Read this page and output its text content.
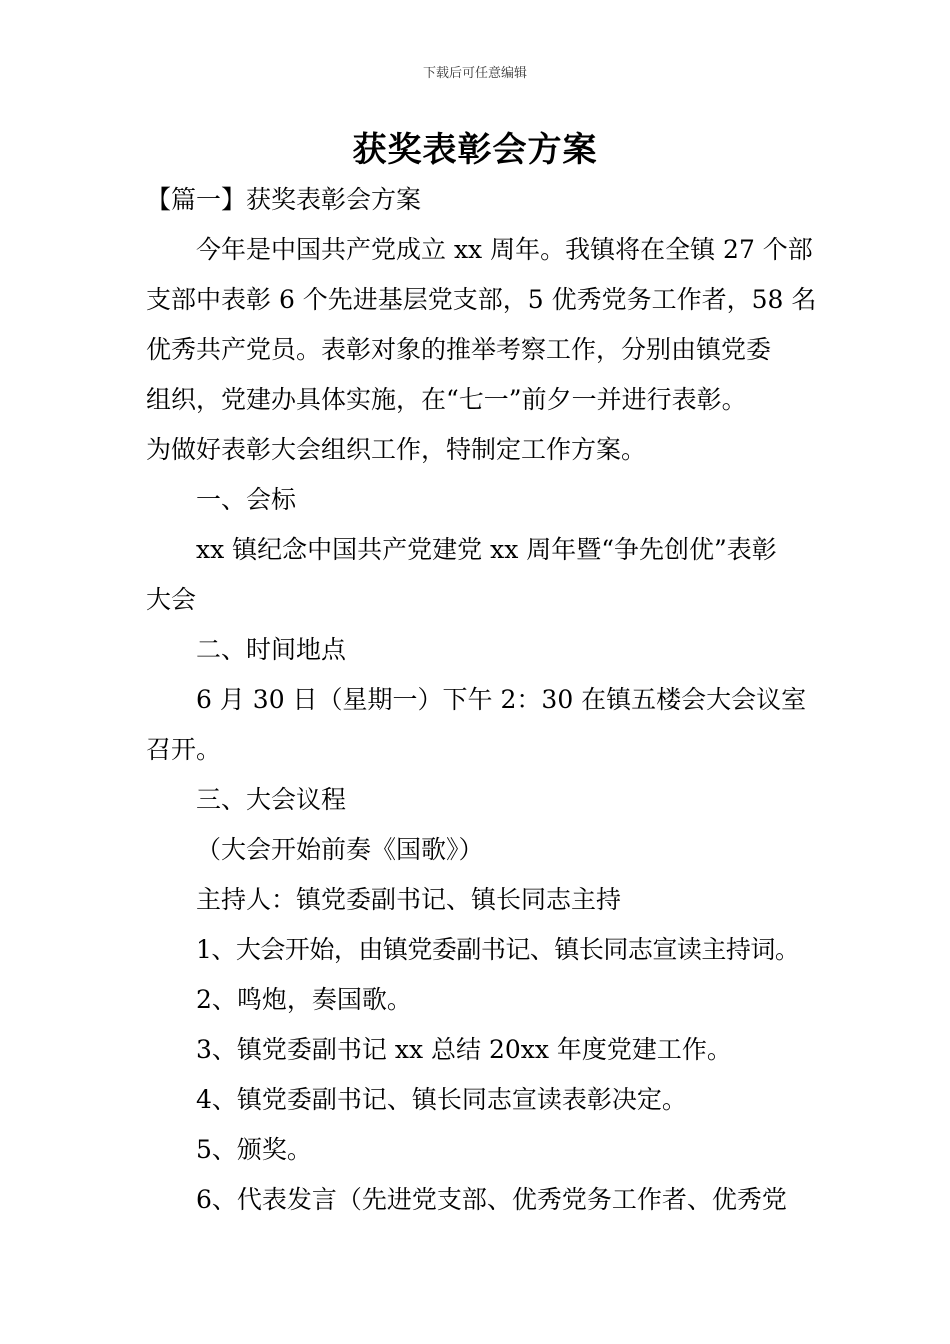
下载后可任意编辑
获奖表彰会方案

【篇一】获奖表彰会方案

今年是中国共产党成立 xx 周年。我镇将在全镇 27 个部

支部中表彰 6 个先进基层党支部，5 优秀党务工作者，58 名

优秀共产党员。表彰对象的推举考察工作，分别由镇党委

组织，党建办具体实施，在“七一”前夕一并进行表彰。

为做好表彰大会组织工作，特制定工作方案。

一、会标

xx 镇纪念中国共产党建党 xx 周年暨“争先创优”表彰

大会

二、时间地点

6 月 30 日（星期一）下午 2：30 在镇五楼会大会议室

召开。

三、大会议程

（大会开始前奏《国歌》）

主持人：镇党委副书记、镇长同志主持

1、大会开始，由镇党委副书记、镇长同志宣读主持词。

2、鸣炮，奏国歌。

3、镇党委副书记 xx 总结 20xx 年度党建工作。

4、镇党委副书记、镇长同志宣读表彰决定。

5、颁奖。

6、代表发言（先进党支部、优秀党务工作者、优秀党
